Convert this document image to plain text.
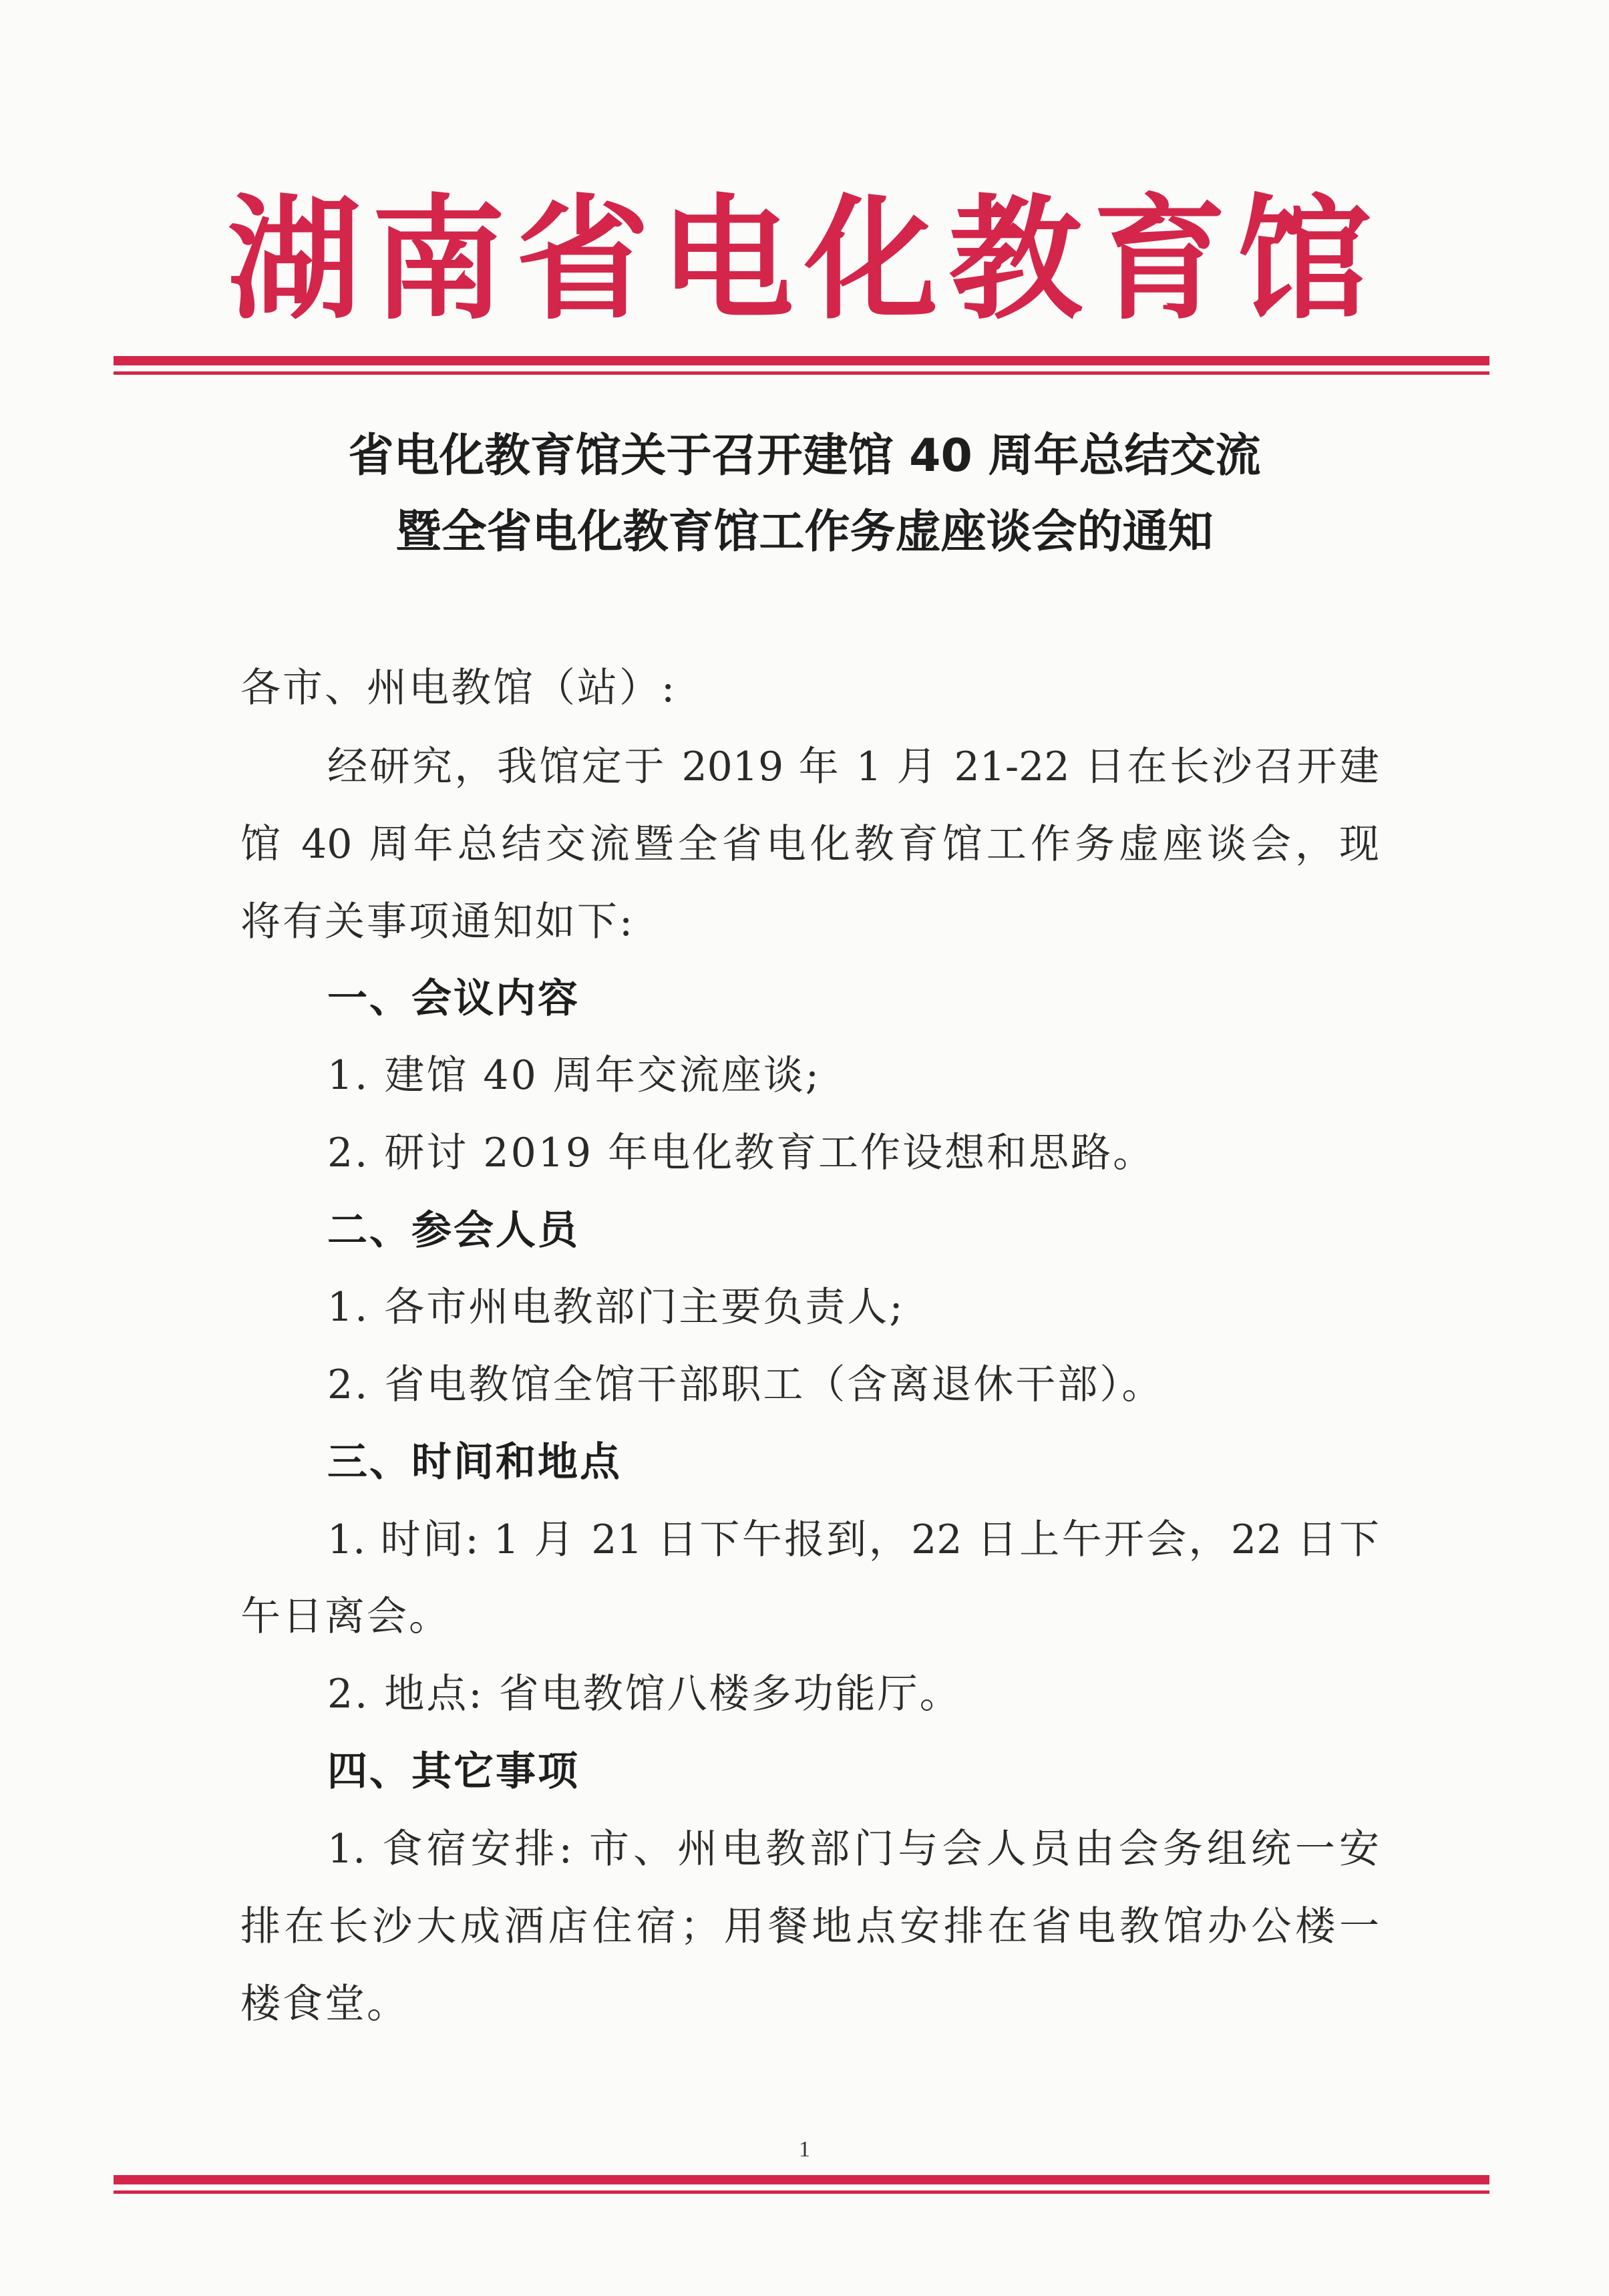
湖南省电化教育馆
省电化教育馆关于召开建馆 40 周年总结交流
暨全省电化教育馆工作务虚座谈会的通知
各市、州电教馆（站）:
经研究，我馆定于 2019 年 1 月 21-22 日在长沙召开建
馆 40 周年总结交流暨全省电化教育馆工作务虚座谈会，现
将有关事项通知如下:
一、会议内容
1. 建馆 40 周年交流座谈;
2. 研讨 2019 年电化教育工作设想和思路。
二、参会人员
1. 各市州电教部门主要负责人;
2. 省电教馆全馆干部职工（含离退休干部）。
三、时间和地点
1. 时间: 1 月 21 日下午报到，22 日上午开会，22 日下
午日离会。
2. 地点: 省电教馆八楼多功能厅。
四、其它事项
1. 食宿安排: 市、州电教部门与会人员由会务组统一安
排在长沙大成酒店住宿；用餐地点安排在省电教馆办公楼一
楼食堂。
1
